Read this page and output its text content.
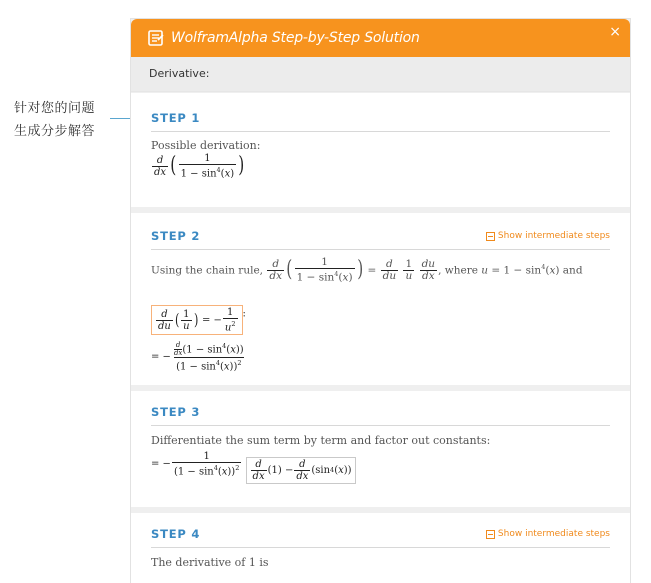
针对您的问题
生成分步解答
WolframAlpha Step-by-Step Solution	×
Derivative:
STEP 1
Possible derivation:
$\frac{d}{dx}$ ( $\frac{1}{1 - \sin^4(x)}$ )
STEP 2	Show intermediate steps
Using the chain rule, $\frac{d}{dx}$ ( $\frac{1}{1 - \sin^4(x)}$ ) = $\frac{d}{du}$
$\frac{1}{u}$
$\frac{du}{dx}$ , where $u = 1 - \sin^4(x)$ and
$\frac{d}{du}$ ( $\frac{1}{u}$ ) = − $\frac{1}{u^2}$ :
= − $\frac{\frac{d}{dx} (1 - \sin^4(x))}{(1 - \sin^4(x))^2}$
STEP 3
Differentiate the sum term by term and factor out constants:
= − $\frac{1}{(1 - \sin^4(x))^2}$
$\frac{d}{dx} (1) - \frac{d}{dx} (\sin$ 4 ( x ))
STEP 4	Show intermediate steps
The derivative of 1 is
